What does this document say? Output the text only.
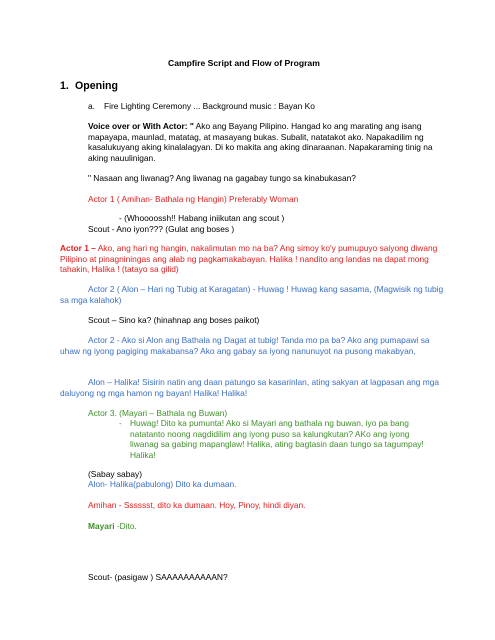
Campfire Script and Flow of Program
1. Opening
a. Fire Lighting Ceremony ... Background music : Bayan Ko
Voice over or With Actor: " Ako ang Bayang Pilipino. Hangad ko ang marating ang isang mapayapa, maunlad, matatag, at masayang bukas. Subalit, natatakot ako. Napakadilim ng kasalukuyang aking kinalalagyan. Di ko makita ang aking dinaraanan. Napakaraming tinig na aking nauulinigan.
" Nasaan ang liwanag? Ang liwanag na gagabay tungo sa kinabukasan?
Actor 1 ( Amihan- Bathala ng Hangin) Preferably Woman
- (Whoooossh!! Habang iniikutan ang scout )
Scout - Ano iyon??? (Gulat ang boses )
Actor 1 – Ako, ang hari ng hangin, nakalimutan mo na ba? Ang simoy ko'y pumupuyo saiyong diwang Pilipino at pinagniningas ang alab ng pagkamakabayan. Halika ! nandito ang landas na dapat mong tahakin, Halika ! (tatayo sa gilid)
Actor 2 ( Alon – Hari ng Tubig at Karagatan) - Huwag ! Huwag kang sasama, (Magwisik ng tubig sa mga kalahok)
Scout – Sino ka? (hinahnap ang boses paikot)
Actor 2 - Ako si Alon ang Bathala ng Dagat at tubig! Tanda mo pa ba? Ako ang pumapawi sa uhaw ng iyong pagiging makabansa? Ako ang gabay sa iyong nanunuyot na pusong makabyan,
Alon – Halika! Sisirin natin ang daan patungo sa kasarinlan, ating sakyan at lagpasan ang mga daluyong ng mga hamon ng bayan! Halika! Halika!
Actor 3. (Mayari – Bathala ng Buwan)
- Huwag! Dito ka pumunta! Ako si Mayari ang bathala ng buwan, iyo pa bang natatanto noong nagdidilim ang iyong puso sa kalungkutan? AKo ang iyong liwanag sa gabing mapanglaw! Halika, ating bagtasin daan tungo sa tagumpay! Halika!
(Sabay sabay)
Alon- Halika(pabulong) Dito ka dumaan.
Amihan - Sssssst, dito ka dumaan. Hoy, Pinoy, hindi diyan.
Mayari -Dito.
Scout- (pasigaw ) SAAAAAAAAAAN?
